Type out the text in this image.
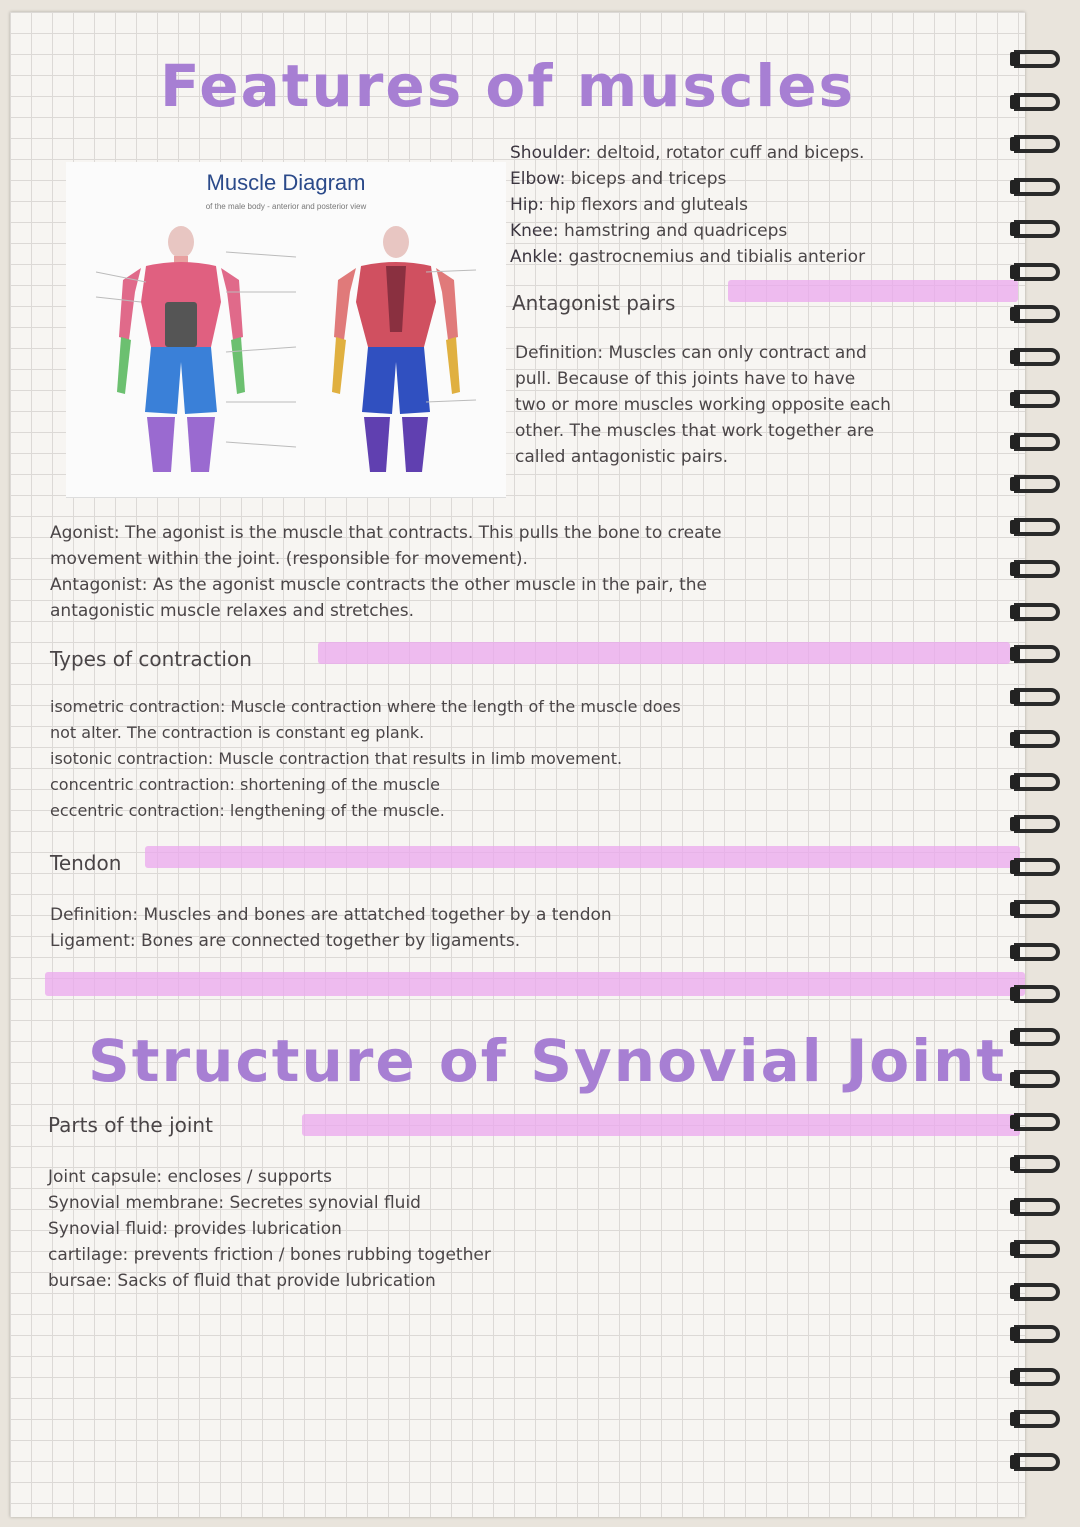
Features of muscles
Muscle Diagram
of the male body - anterior and posterior view
Shoulder: deltoid, rotator cuff and biceps.
Elbow: biceps and triceps
Hip: hip flexors and gluteals
Knee: hamstring and quadriceps
Ankle: gastrocnemius and tibialis anterior
Antagonist pairs
Definition: Muscles can only contract and
pull. Because of this joints have to have
two or more muscles working opposite each
other. The muscles that work together are
called antagonistic pairs.
Agonist: The agonist is the muscle that contracts. This pulls the bone to create
movement within the joint. (responsible for movement).
Antagonist: As the agonist muscle contracts the other muscle in the pair, the
antagonistic muscle relaxes and stretches.
Types of contraction
isometric contraction: Muscle contraction where the length of the muscle does
not alter. The contraction is constant eg plank.
isotonic contraction: Muscle contraction that results in limb movement.
concentric contraction: shortening of the muscle
eccentric contraction: lengthening of the muscle.
Tendon
Definition: Muscles and bones are attatched together by a tendon
Ligament: Bones are connected together by ligaments.
Structure of Synovial Joint
Parts of the joint
Joint capsule: encloses / supports
Synovial membrane: Secretes synovial fluid
Synovial fluid: provides lubrication
cartilage: prevents friction / bones rubbing together
bursae: Sacks of fluid that provide lubrication
